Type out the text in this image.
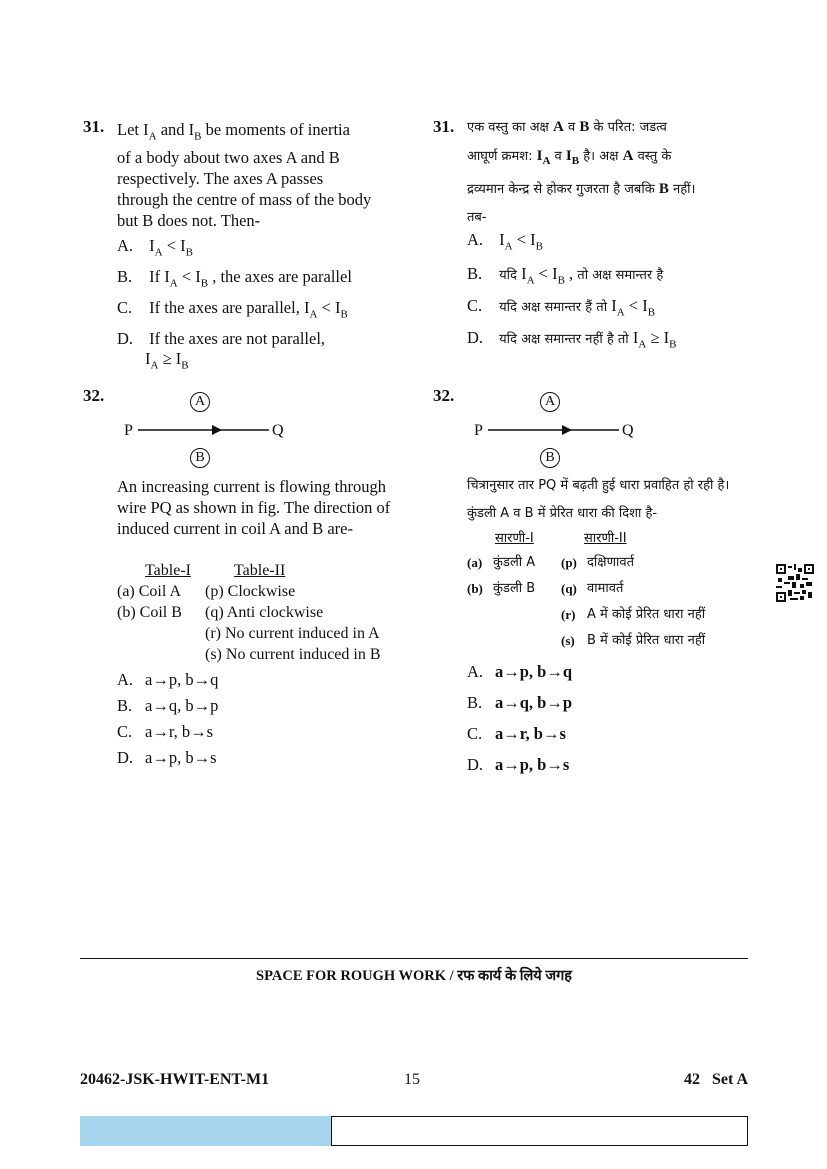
31. Let $I_A$ and $I_B$ be moments of inertia
of a body about two axes A and B
respectively. The axes A passes
through the centre of mass of the body
but B does not. Then-
A. $I_A < I_B$
B. If $I_A < I_B$ , the axes are parallel
C. If the axes are parallel, $I_A < I_B$
D. If the axes are not parallel,
$I_A \ge I_B$
32.	A
P	Q
B
An increasing current is flowing through wire PQ as shown in fig. The direction of induced current in coil A and B are-
Table-I	Table-II
(a) Coil A (p) Clockwise
(b) Coil B (q) Anti clockwise
(r) No current induced in A
(s) No current induced in B
A. a→p, b→q
B. a→q, b→p
C. a→r, b→s
D. a→p, b→s
31. एक वस्तु का अक्ष A व B के परित: जडत्व
आघूर्ण क्रमश: $I_A$ व $I_B$ है। अक्ष A वस्तु के
द्रव्यमान केन्द्र से होकर गुजरता है जबकि B नहीं।
तब-
A. $I_A < I_B$
B. यदि $I_A < I_B$ , तो अक्ष समान्तर है
C. यदि अक्ष समान्तर हैं तो $I_A < I_B$
D. यदि अक्ष समान्तर नहीं है तो $I_A \ge I_B$
32.	A
P	Q
B
चित्रानुसार तार PQ में बढ़ती हुई धारा प्रवाहित हो रही है। कुंडली A व B में प्रेरित धारा की दिशा है-
सारणी-I	सारणी-II
(a) कुंडली A (p) दक्षिणावर्त
(b) कुंडली B (q) वामावर्त
(r) A में कोई प्रेरित धारा नहीं
(s) B में कोई प्रेरित धारा नहीं
A. a→p, b→q
B. a→q, b→p
C. a→r, b→s
D. a→p, b→s
SPACE FOR ROUGH WORK / रफ कार्य के लिये जगह
20462-JSK-HWIT-ENT-M1	15	42   Set A
